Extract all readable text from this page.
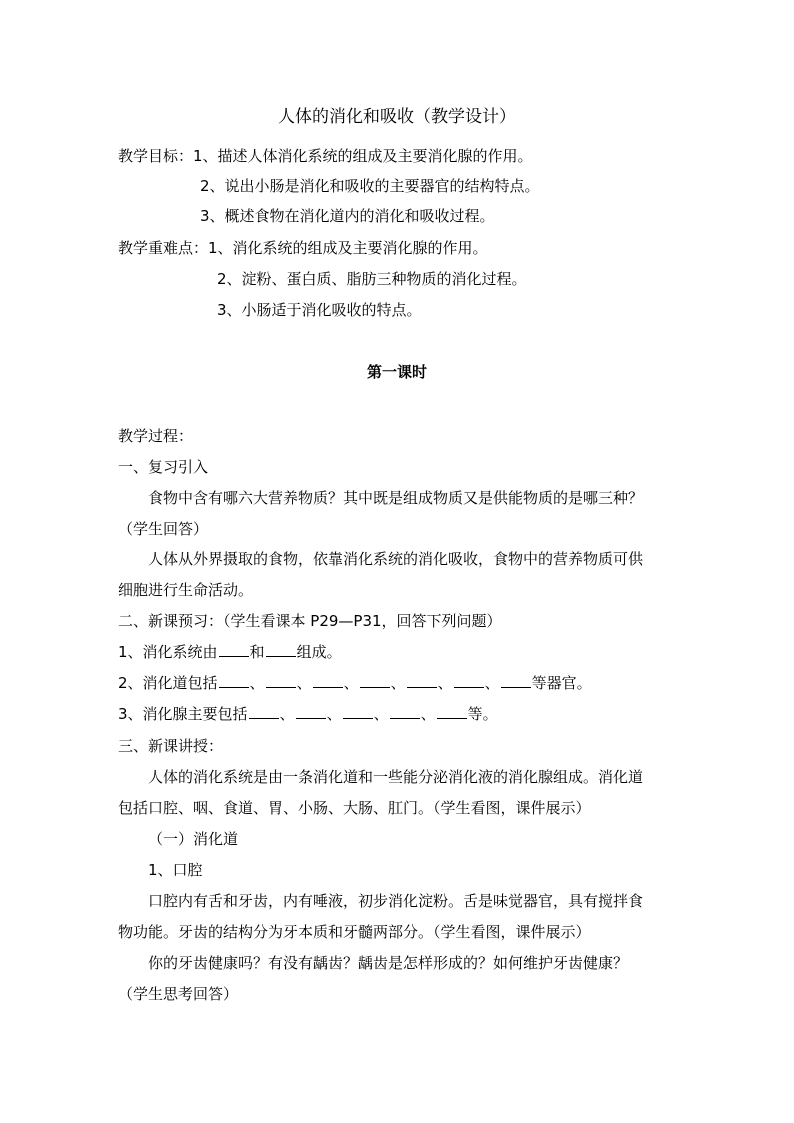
人体的消化和吸收（教学设计）
教学目标：1、描述人体消化系统的组成及主要消化腺的作用。
2、说出小肠是消化和吸收的主要器官的结构特点。
3、概述食物在消化道内的消化和吸收过程。
教学重难点：1、消化系统的组成及主要消化腺的作用。
2、淀粉、蛋白质、脂肪三种物质的消化过程。
3、小肠适于消化吸收的特点。
第一课时
教学过程：
一、复习引入
食物中含有哪六大营养物质？其中既是组成物质又是供能物质的是哪三种？
（学生回答）
人体从外界摄取的食物，依靠消化系统的消化吸收，食物中的营养物质可供
细胞进行生命活动。
二、新课预习：（学生看课本 P29—P31，回答下列问题）
1、消化系统由 和 组成。
2、消化道包括 、 、 、 、 、 、 等器官。
3、消化腺主要包括 、 、 、 、 等。
三、新课讲授：
人体的消化系统是由一条消化道和一些能分泌消化液的消化腺组成。消化道
包括口腔、咽、食道、胃、小肠、大肠、肛门。（学生看图，课件展示）
（一）消化道
1、口腔
口腔内有舌和牙齿，内有唾液，初步消化淀粉。舌是味觉器官，具有搅拌食
物功能。牙齿的结构分为牙本质和牙髓两部分。（学生看图，课件展示）
你的牙齿健康吗？有没有龋齿？龋齿是怎样形成的？如何维护牙齿健康？
（学生思考回答）
